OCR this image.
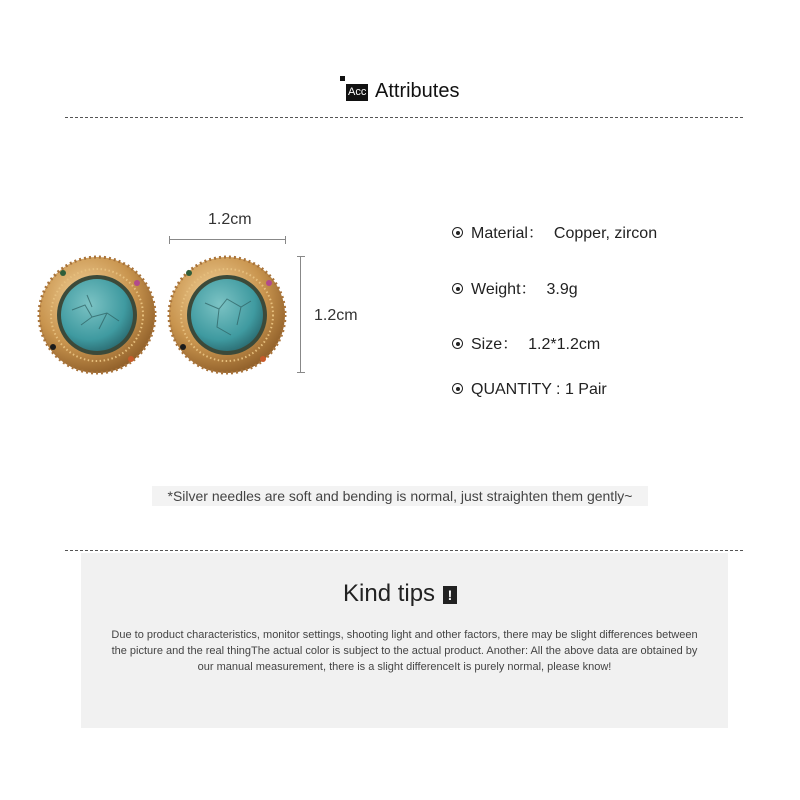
Acc Attributes
1.2cm
1.2cm
Material： Copper, zircon
Weight： 3.9g
Size： 1.2*1.2cm
QUANTITY : 1 Pair
*Silver needles are soft and bending is normal, just straighten them gently~
Kind tips !
Due to product characteristics, monitor settings, shooting light and other factors, there may be slight differences between the picture and the real thingThe actual color is subject to the actual product. Another: All the above data are obtained by our manual measurement, there is a slight differenceIt is purely normal, please know!
